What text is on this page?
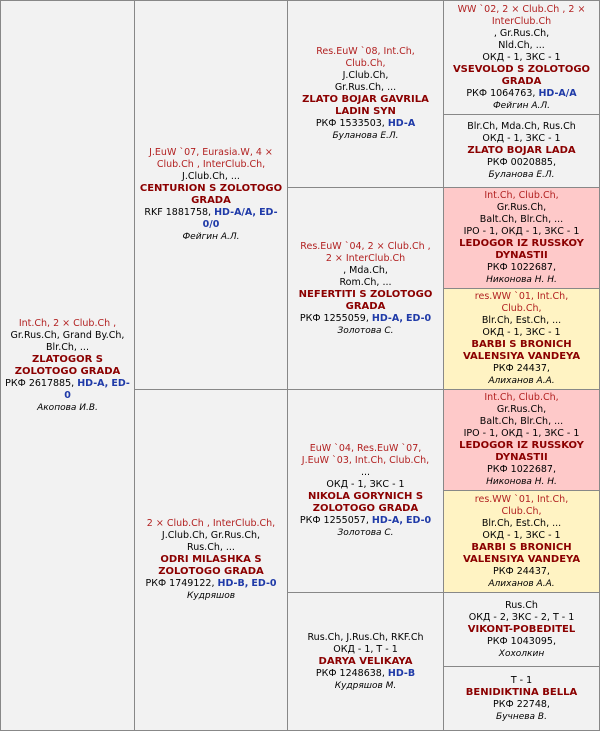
Int.Ch, 2 × Club.Ch ,
Gr.Rus.Ch, Grand By.Ch,
Blr.Ch, ...
ZLATOGOR S
ZOLOTOGO GRADA
РКФ 2617885, HD-A, ED-0
Акопова И.В.
J.EuW `07, Eurasia.W, 4 ×
Club.Ch , InterClub.Ch,
J.Club.Ch, ...
CENTURION S ZOLOTOGO
GRADA
RKF 1881758, HD-A/A, ED-0/0
Фейгин А.Л.
2 × Club.Ch , InterClub.Ch,
J.Club.Ch, Gr.Rus.Ch,
Rus.Ch, ...
ODRI MILASHKA S
ZOLOTOGO GRADA
РКФ 1749122, HD-B, ED-0
Кудряшов
Res.EuW `08, Int.Ch,
Club.Ch,
J.Club.Ch,
Gr.Rus.Ch, ...
ZLATO BOJAR GAVRILA
LADIN SYN
РКФ 1533503, HD-A
Буланова Е.Л.
Res.EuW `04, 2 × Club.Ch ,
2 × InterClub.Ch
, Mda.Ch,
Rom.Ch, ...
NEFERTITI S ZOLOTOGO
GRADA
РКФ 1255059, HD-A, ED-0
Золотова С.
EuW `04, Res.EuW `07,
J.EuW `03, Int.Ch, Club.Ch,
...
ОКД - 1, ЗКС - 1
NIKOLA GORYNICH S
ZOLOTOGO GRADA
РКФ 1255057, HD-A, ED-0
Золотова С.
Rus.Ch, J.Rus.Ch, RKF.Ch
ОКД - 1, Т - 1
DARYA VELIKAYA
РКФ 1248638, HD-B
Кудряшов М.
WW `02, 2 × Club.Ch , 2 ×
InterClub.Ch
, Gr.Rus.Ch,
Nld.Ch, ...
ОКД - 1, ЗКС - 1
VSEVOLOD S ZOLOTOGO
GRADA
РКФ 1064763, HD-A/A
Фейгин А.Л.
Blr.Ch, Mda.Ch, Rus.Ch
ОКД - 1, ЗКС - 1
ZLATO BOJAR LADA
РКФ 0020885,
Буланова Е.Л.
Int.Ch, Club.Ch,
Gr.Rus.Ch,
Balt.Ch, Blr.Ch, ...
IPO - 1, ОКД - 1, ЗКС - 1
LEDOGOR IZ RUSSKOY
DYNASTII
РКФ 1022687,
Никонова Н. Н.
res.WW `01, Int.Ch,
Club.Ch,
Blr.Ch, Est.Ch, ...
ОКД - 1, ЗКС - 1
BARBI S BRONICH
VALENSIYA VANDEYA
РКФ 24437,
Алиханов А.А.
Int.Ch, Club.Ch,
Gr.Rus.Ch,
Balt.Ch, Blr.Ch, ...
IPO - 1, ОКД - 1, ЗКС - 1
LEDOGOR IZ RUSSKOY
DYNASTII
РКФ 1022687,
Никонова Н. Н.
res.WW `01, Int.Ch,
Club.Ch,
Blr.Ch, Est.Ch, ...
ОКД - 1, ЗКС - 1
BARBI S BRONICH
VALENSIYA VANDEYA
РКФ 24437,
Алиханов А.А.
Rus.Ch
ОКД - 2, ЗКС - 2, Т - 1
VIKONT-POBEDITEL
РКФ 1043095,
Хохолкин
Т - 1
BENIDIKTINA BELLA
РКФ 22748,
Бучнева В.
